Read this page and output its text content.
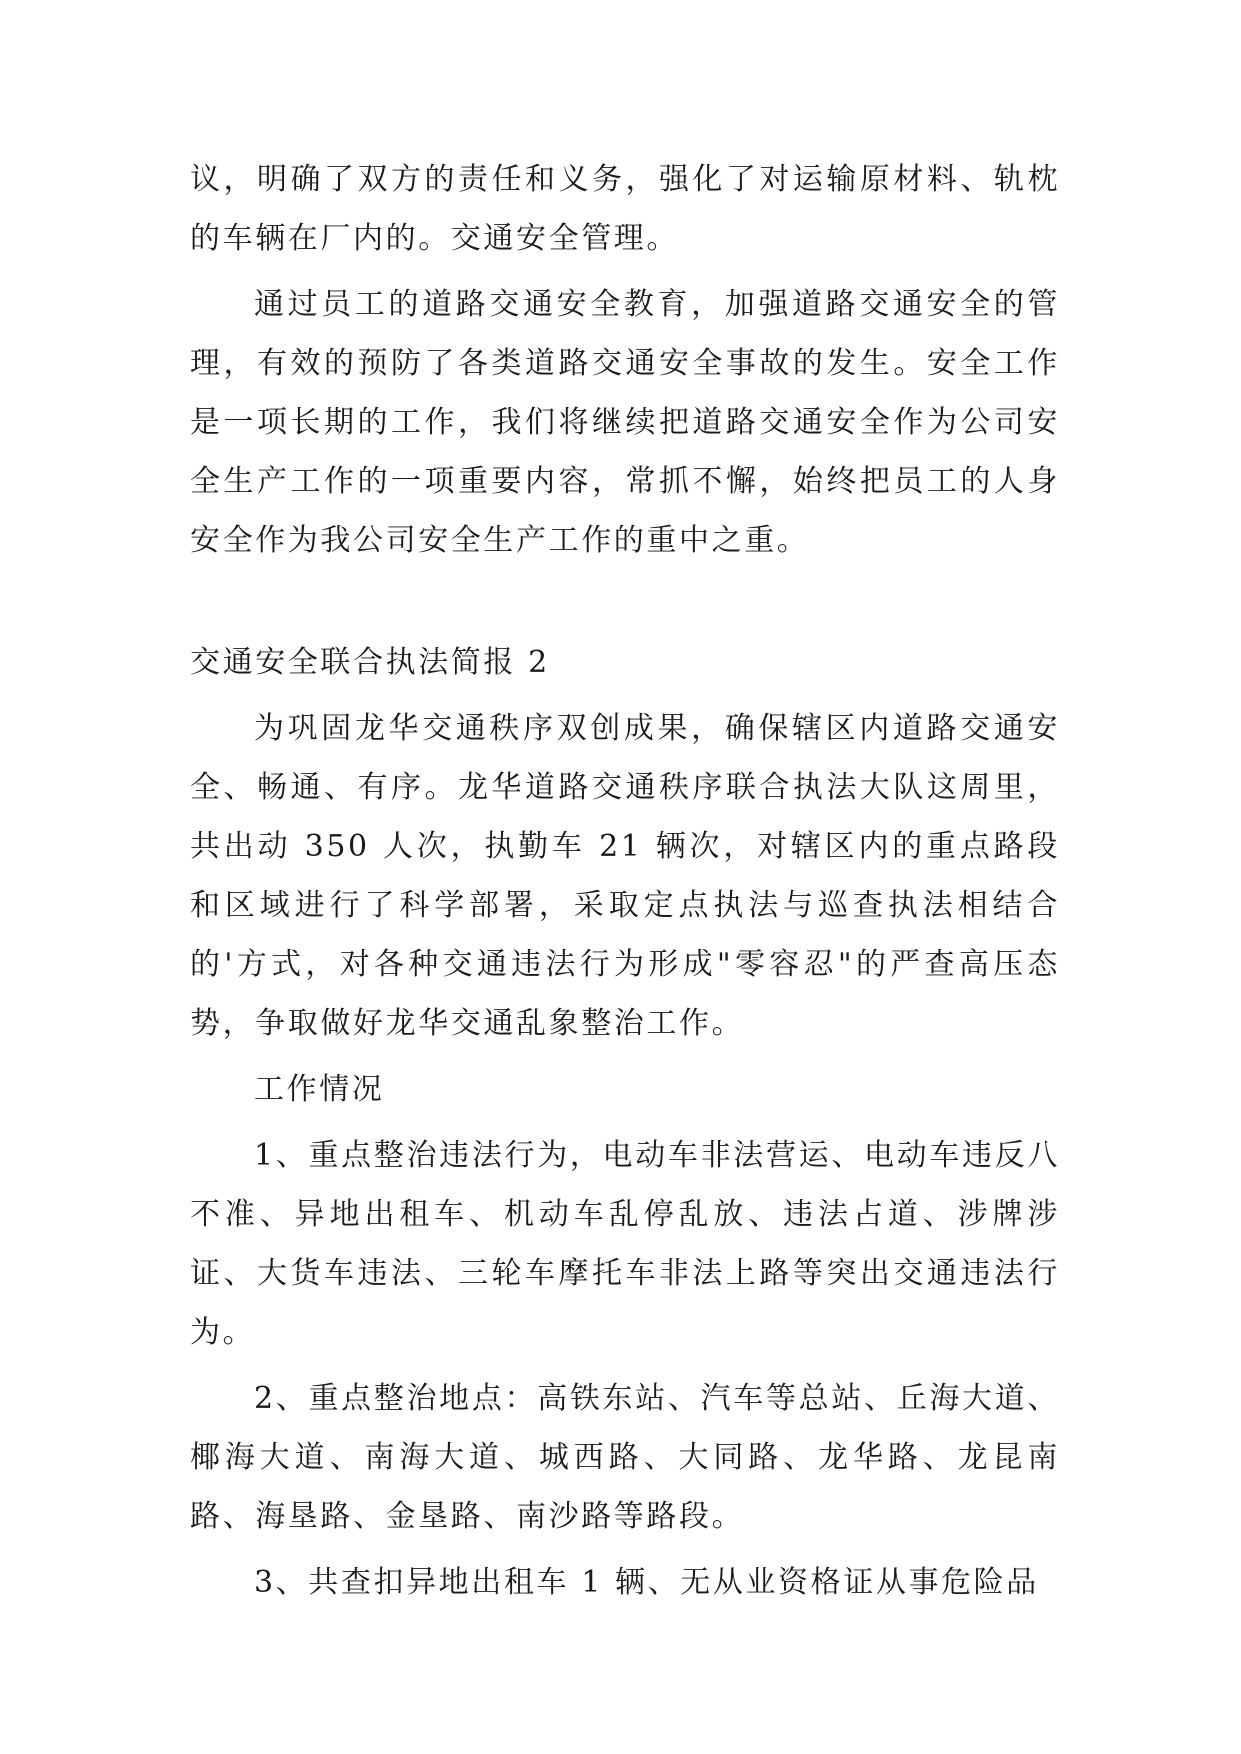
议，明确了双方的责任和义务，强化了对运输原材料、轨枕的车辆在厂内的。交通安全管理。

通过员工的道路交通安全教育，加强道路交通安全的管理，有效的预防了各类道路交通安全事故的发生。安全工作是一项长期的工作，我们将继续把道路交通安全作为公司安全生产工作的一项重要内容，常抓不懈，始终把员工的人身安全作为我公司安全生产工作的重中之重。

交通安全联合执法简报 2

为巩固龙华交通秩序双创成果，确保辖区内道路交通安全、畅通、有序。龙华道路交通秩序联合执法大队这周里，共出动 350 人次，执勤车 21 辆次，对辖区内的重点路段和区域进行了科学部署，采取定点执法与巡查执法相结合的'方式，对各种交通违法行为形成"零容忍"的严查高压态势，争取做好龙华交通乱象整治工作。

工作情况

1、重点整治违法行为，电动车非法营运、电动车违反八不准、异地出租车、机动车乱停乱放、违法占道、涉牌涉证、大货车违法、三轮车摩托车非法上路等突出交通违法行为。

2、重点整治地点：高铁东站、汽车等总站、丘海大道、椰海大道、南海大道、城西路、大同路、龙华路、龙昆南路、海垦路、金垦路、南沙路等路段。

3、共查扣异地出租车 1 辆、无从业资格证从事危险品
